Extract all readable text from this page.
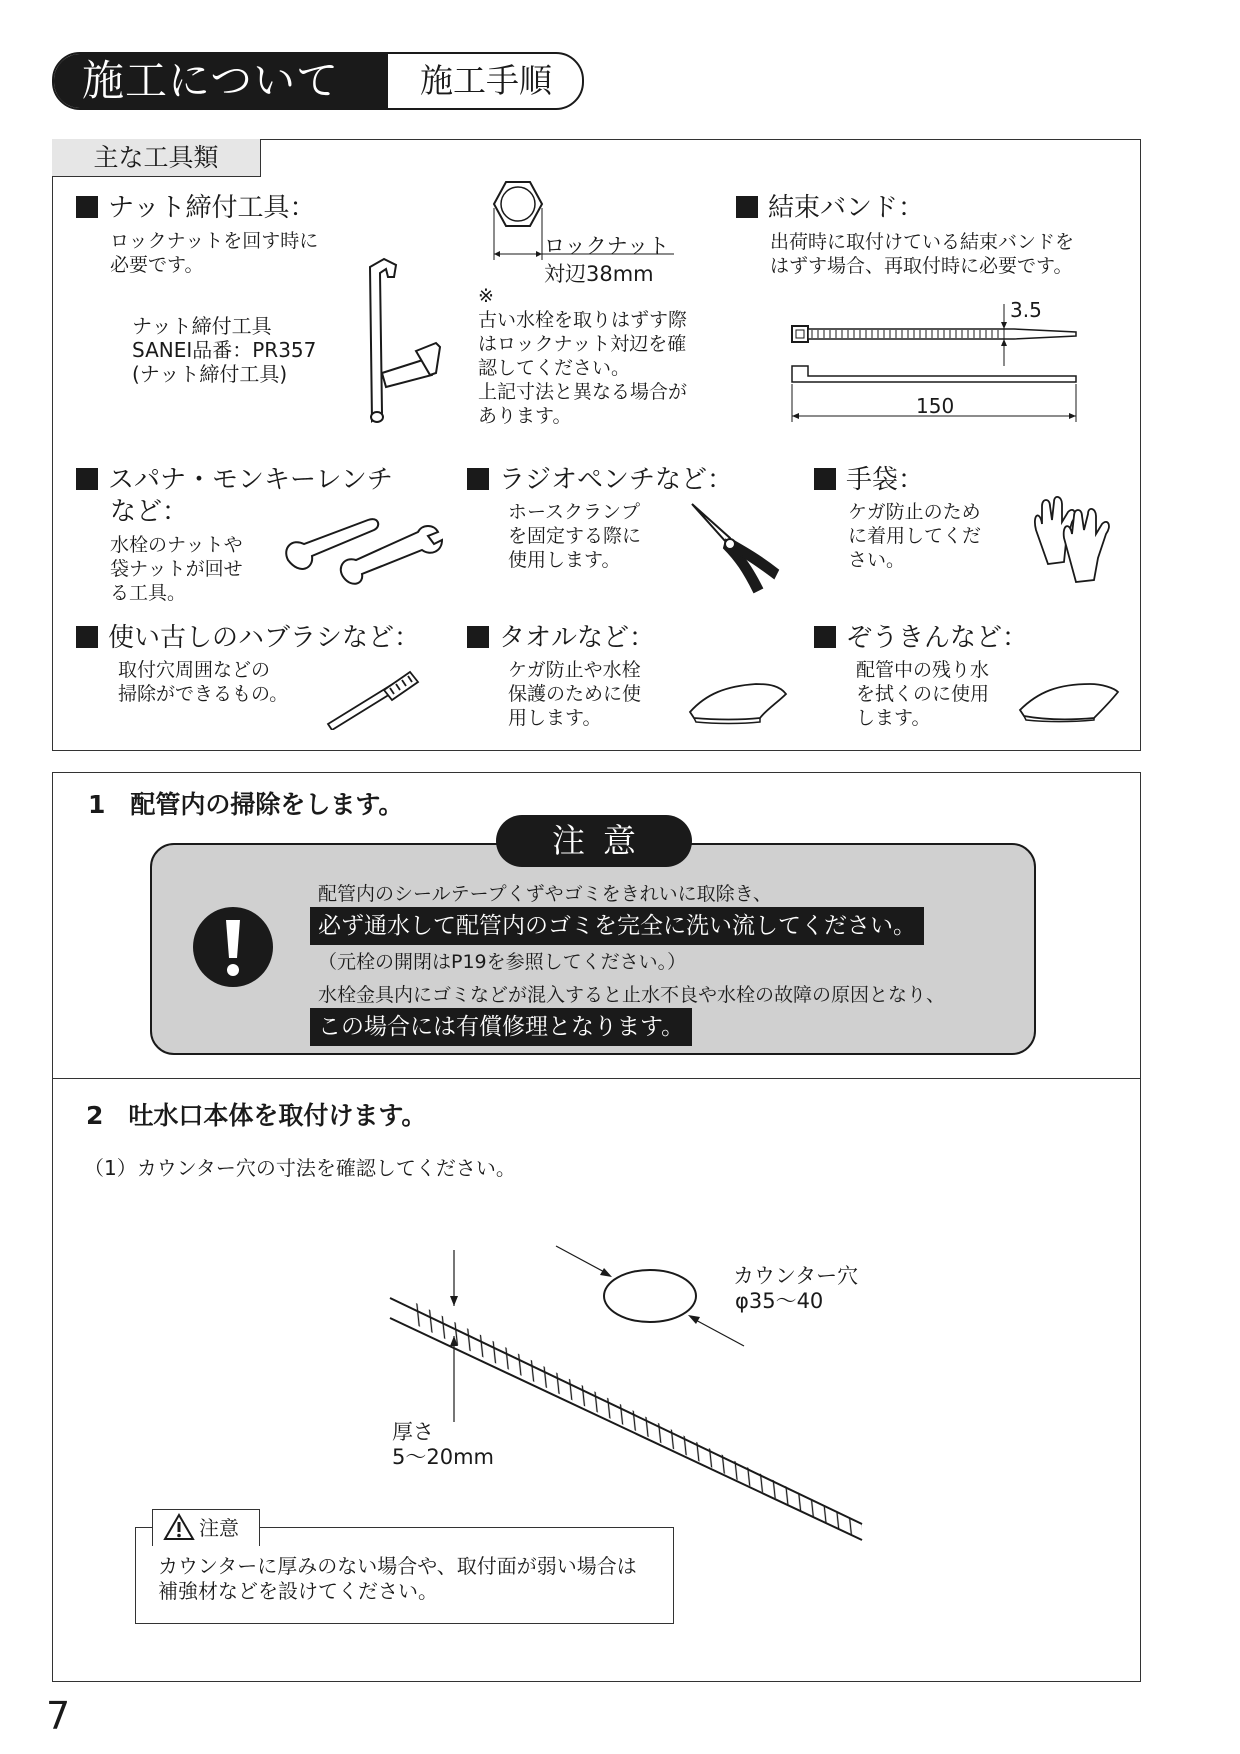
施工について	施工手順
主な工具類
ナット締付工具：
ロックナットを回す時に
必要です。
ナット締付工具
SANEI品番：PR357
(ナット締付工具)
ロックナット
対辺38mm
※
古い水栓を取りはずす際
はロックナット対辺を確
認してください。
上記寸法と異なる場合が
あります。
結束バンド：
出荷時に取付けている結束バンドを
はずす場合、再取付時に必要です。
3.5
150
スパナ・モンキーレンチ
など：
水栓のナットや
袋ナットが回せ
る工具。
ラジオペンチなど：
ホースクランプ
を固定する際に
使用します。
手袋：
ケガ防止のため
に着用してくだ
さい。
使い古しのハブラシなど：
取付穴周囲などの
掃除ができるもの。
タオルなど：
ケガ防止や水栓
保護のために使
用します。
ぞうきんなど：
配管中の残り水
を拭くのに使用
します。
1　配管内の掃除をします。
注意
配管内のシールテープくずやゴミをきれいに取除き、
必ず通水して配管内のゴミを完全に洗い流してください。
（元栓の開閉はP19を参照してください。）
水栓金具内にゴミなどが混入すると止水不良や水栓の故障の原因となり、
この場合には有償修理となります。
2　吐水口本体を取付けます。
（1）カウンター穴の寸法を確認してください。
カウンター穴
φ35～40
厚さ
5～20mm
注意
カウンターに厚みのない場合や、取付面が弱い場合は
補強材などを設けてください。
7
